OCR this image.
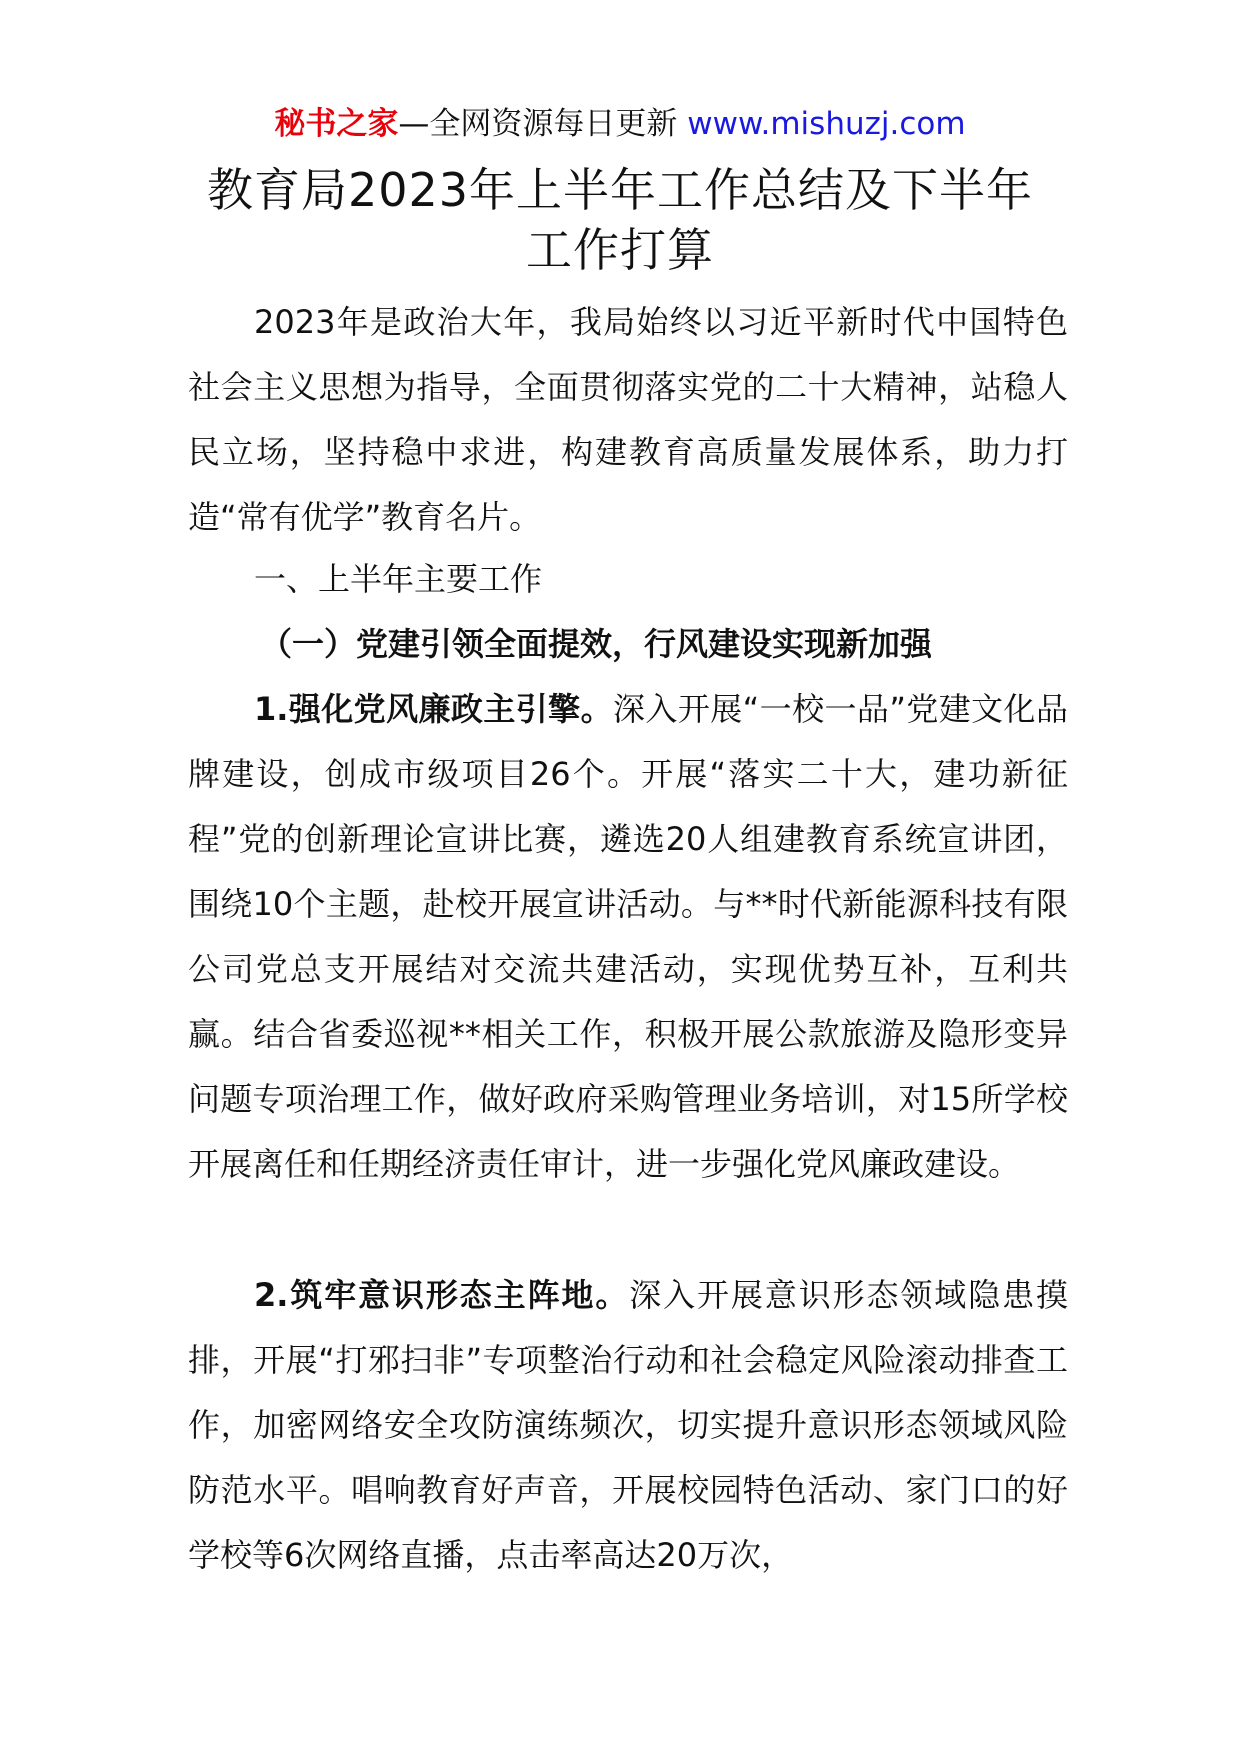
秘书之家—全网资源每日更新 www.mishuzj.com
教育局2023年上半年工作总结及下半年
工作打算

2023年是政治大年，我局始终以习近平新时代中国特色社会主义思想为指导，全面贯彻落实党的二十大精神，站稳人民立场，坚持稳中求进，构建教育高质量发展体系，助力打造“常有优学”教育名片。

一、上半年主要工作

（一）党建引领全面提效，行风建设实现新加强

1.强化党风廉政主引擎。深入开展“一校一品”党建文化品牌建设，创成市级项目26个。开展“落实二十大，建功新征程”党的创新理论宣讲比赛，遴选20人组建教育系统宣讲团，围绕10个主题，赴校开展宣讲活动。与**时代新能源科技有限公司党总支开展结对交流共建活动，实现优势互补，互利共赢。结合省委巡视**相关工作，积极开展公款旅游及隐形变异问题专项治理工作，做好政府采购管理业务培训，对15所学校开展离任和任期经济责任审计，进一步强化党风廉政建设。

2.筑牢意识形态主阵地。深入开展意识形态领域隐患摸排，开展“打邪扫非”专项整治行动和社会稳定风险滚动排查工作，加密网络安全攻防演练频次，切实提升意识形态领域风险防范水平。唱响教育好声音，开展校园特色活动、家门口的好学校等6次网络直播，点击率高达20万次，
